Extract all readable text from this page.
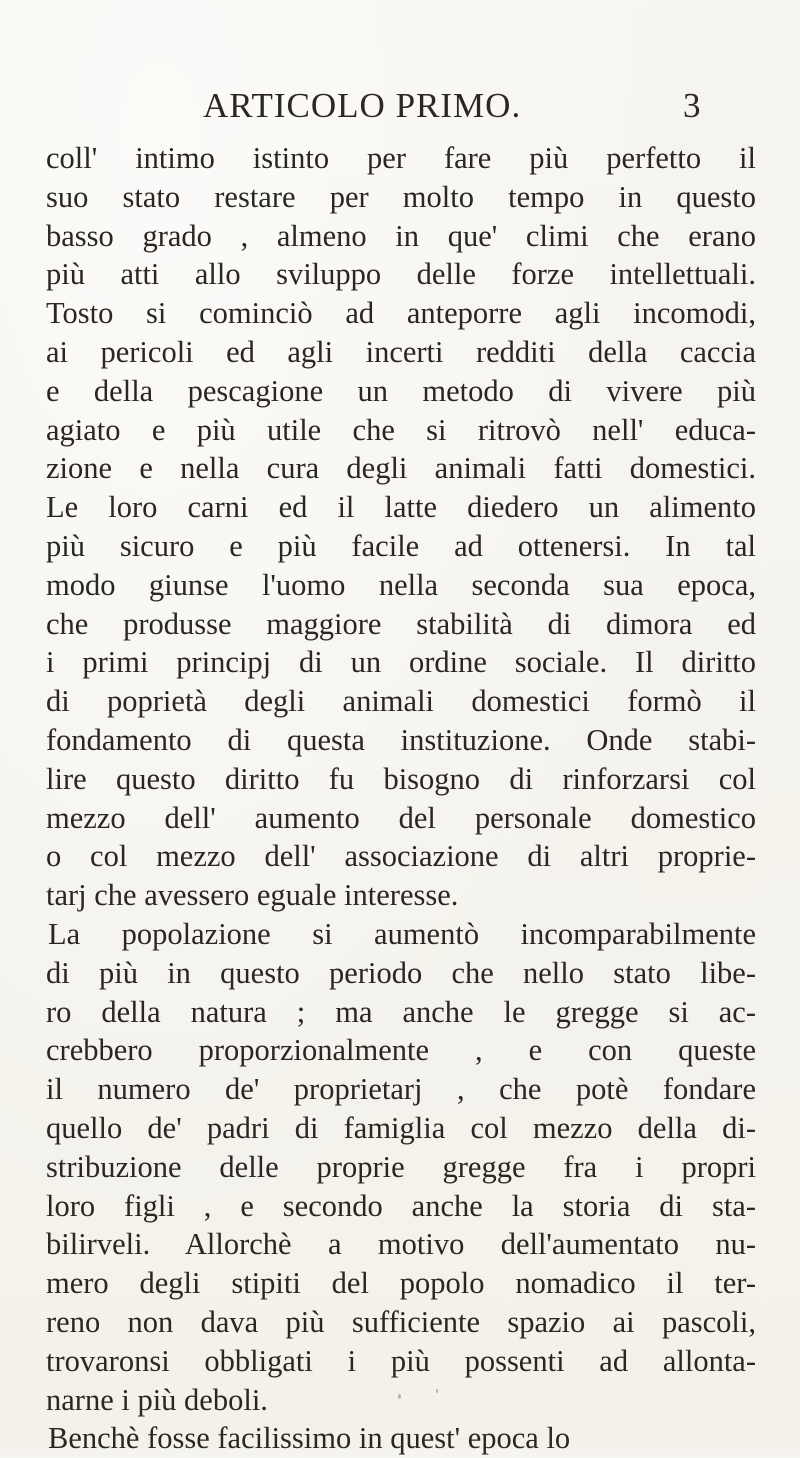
ARTICOLO PRIMO.	3
coll' intimo istinto per fare più perfetto il
suo stato restare per molto tempo in questo
basso grado , almeno in que' climi che erano
più atti allo sviluppo delle forze intellettuali.
Tosto si cominciò ad anteporre agli incomodi,
ai pericoli ed agli incerti redditi della caccia
e della pescagione un metodo di vivere più
agiato e più utile che si ritrovò nell' educa-
zione e nella cura degli animali fatti domestici.
Le loro carni ed il latte diedero un alimento
più sicuro e più facile ad ottenersi. In tal
modo giunse l'uomo nella seconda sua epoca,
che produsse maggiore stabilità di dimora ed
i primi principj di un ordine sociale. Il diritto
di poprietà degli animali domestici formò il
fondamento di questa instituzione. Onde stabi-
lire questo diritto fu bisogno di rinforzarsi col
mezzo dell' aumento del personale domestico
o col mezzo dell' associazione di altri proprie-
tarj che avessero eguale interesse.
La popolazione si aumentò incomparabilmente
di più in questo periodo che nello stato libe-
ro della natura ; ma anche le gregge si ac-
crebbero proporzionalmente , e con queste
il numero de' proprietarj , che potè fondare
quello de' padri di famiglia col mezzo della di-
stribuzione delle proprie gregge fra i propri
loro figli , e secondo anche la storia di sta-
bilirveli. Allorchè a motivo dell'aumentato nu-
mero degli stipiti del popolo nomadico il ter-
reno non dava più sufficiente spazio ai pascoli,
trovaronsi obbligati i più possenti ad allonta-
narne i più deboli.
Benchè fosse facilissimo in quest' epoca lo
